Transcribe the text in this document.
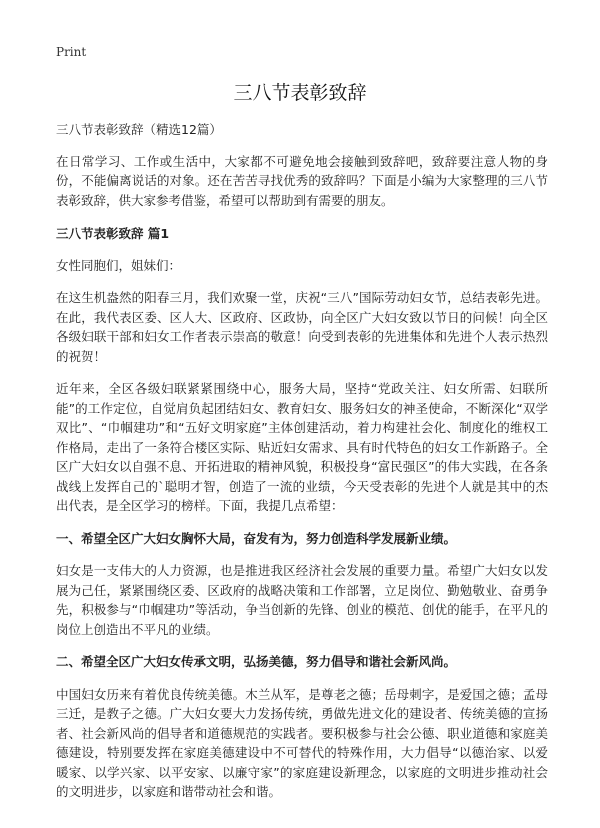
Print
三八节表彰致辞

三八节表彰致辞（精选12篇）

在日常学习、工作或生活中，大家都不可避免地会接触到致辞吧，致辞要注意人物的身份，不能偏离说话的对象。还在苦苦寻找优秀的致辞吗？下面是小编为大家整理的三八节表彰致辞，供大家参考借鉴，希望可以帮助到有需要的朋友。

三八节表彰致辞 篇1

女性同胞们，姐妹们：

在这生机盎然的阳春三月，我们欢聚一堂，庆祝“三八”国际劳动妇女节，总结表彰先进。在此，我代表区委、区人大、区政府、区政协，向全区广大妇女致以节日的问候！向全区各级妇联干部和妇女工作者表示崇高的敬意！向受到表彰的先进集体和先进个人表示热烈的祝贺！

近年来，全区各级妇联紧紧围绕中心，服务大局，坚持“党政关注、妇女所需、妇联所能”的工作定位，自觉肩负起团结妇女、教育妇女、服务妇女的神圣使命，不断深化“双学双比”、“巾帼建功”和“五好文明家庭”主体创建活动，着力构建社会化、制度化的维权工作格局，走出了一条符合楼区实际、贴近妇女需求、具有时代特色的妇女工作新路子。全区广大妇女以自强不息、开拓进取的精神风貌，积极投身“富民强区”的伟大实践，在各条战线上发挥自己的`聪明才智，创造了一流的业绩，今天受表彰的先进个人就是其中的杰出代表，是全区学习的榜样。下面，我提几点希望：

一、希望全区广大妇女胸怀大局，奋发有为，努力创造科学发展新业绩。

妇女是一支伟大的人力资源，也是推进我区经济社会发展的重要力量。希望广大妇女以发展为己任，紧紧围绕区委、区政府的战略决策和工作部署，立足岗位、勤勉敬业、奋勇争先，积极参与“巾帼建功”等活动，争当创新的先锋、创业的模范、创优的能手，在平凡的岗位上创造出不平凡的业绩。

二、希望全区广大妇女传承文明，弘扬美德，努力倡导和谐社会新风尚。

中国妇女历来有着优良传统美德。木兰从军，是尊老之德；岳母刺字，是爱国之德；孟母三迁，是教子之德。广大妇女要大力发扬传统，勇做先进文化的建设者、传统美德的宣扬者、社会新风尚的倡导者和道德规范的实践者。要积极参与社会公德、职业道德和家庭美德建设，特别要发挥在家庭美德建设中不可替代的特殊作用，大力倡导“以德治家、以爱暖家、以学兴家、以平安家、以廉守家”的家庭建设新理念，以家庭的文明进步推动社会的文明进步，以家庭和谐带动社会和谐。
